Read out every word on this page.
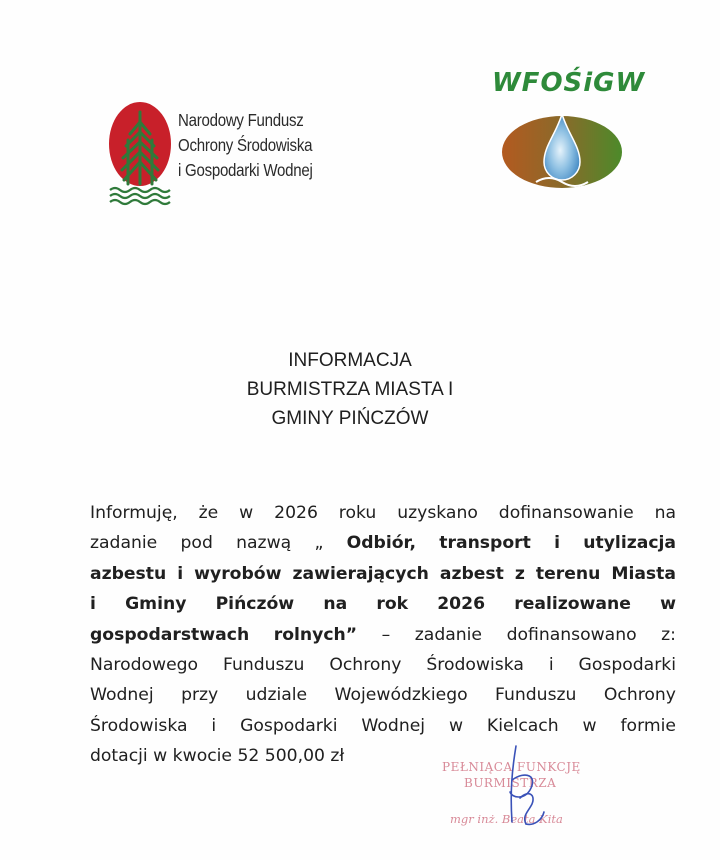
Narodowy Fundusz
Ochrony Środowiska
i Gospodarki Wodnej
WFOŚiGW
INFORMACJA
BURMISTRZA MIASTA I
GMINY PIŃCZÓW
Informuję, że w 2026 roku uzyskano dofinansowanie na
zadanie pod nazwą „ Odbiór, transport i utylizacja
azbestu i wyrobów zawierających azbest z terenu Miasta
i Gminy Pińczów na rok 2026 realizowane w
gospodarstwach rolnych” – zadanie dofinansowano z:
Narodowego Funduszu Ochrony Środowiska i Gospodarki
Wodnej przy udziale Wojewódzkiego Funduszu Ochrony
Środowiska i Gospodarki Wodnej w Kielcach w formie
dotacji w kwocie 52 500,00 zł
PEŁNIĄCA FUNKCJĘ
BURMISTRZA
mgr inż. Beata Kita
